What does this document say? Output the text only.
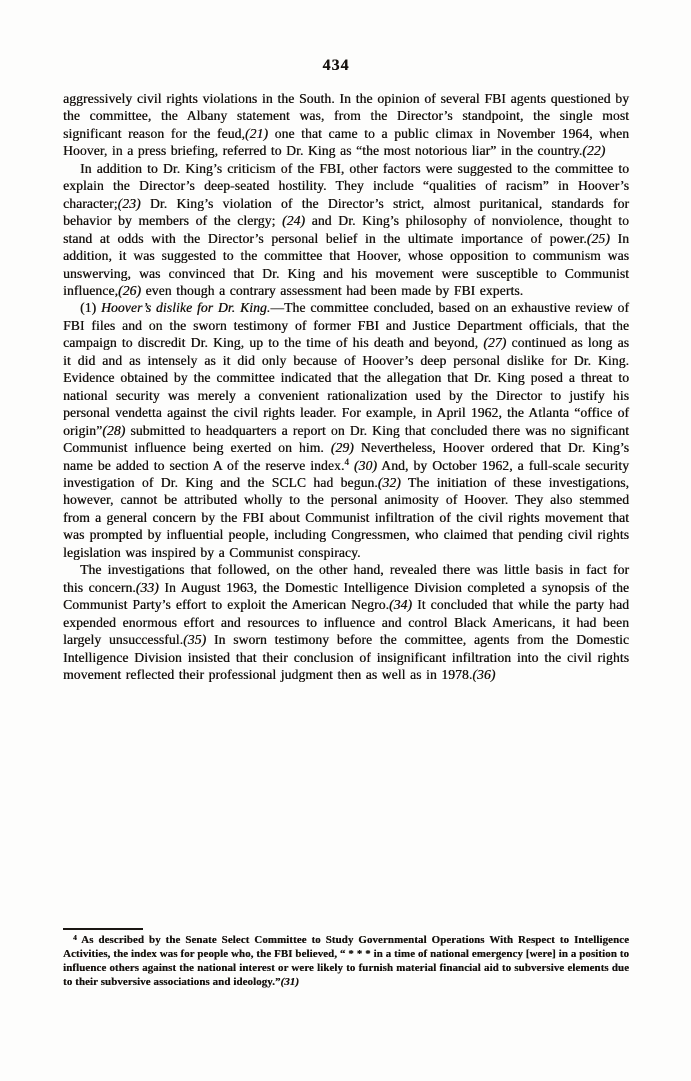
434

aggressively civil rights violations in the South. In the opinion of several FBI agents questioned by the committee, the Albany statement was, from the Director’s standpoint, the single most significant reason for the feud,(21) one that came to a public climax in November 1964, when Hoover, in a press briefing, referred to Dr. King as “the most notorious liar” in the country.(22)

In addition to Dr. King’s criticism of the FBI, other factors were suggested to the committee to explain the Director’s deep-seated hostility. They include “qualities of racism” in Hoover’s character;(23) Dr. King’s violation of the Director’s strict, almost puritanical, standards for behavior by members of the clergy; (24) and Dr. King’s philosophy of nonviolence, thought to stand at odds with the Director’s personal belief in the ultimate importance of power.(25) In addition, it was suggested to the committee that Hoover, whose opposition to communism was unswerving, was convinced that Dr. King and his movement were susceptible to Communist influence,(26) even though a contrary assessment had been made by FBI experts.

(1) Hoover’s dislike for Dr. King.—The committee concluded, based on an exhaustive review of FBI files and on the sworn testimony of former FBI and Justice Department officials, that the campaign to discredit Dr. King, up to the time of his death and beyond, (27) continued as long as it did and as intensely as it did only because of Hoover’s deep personal dislike for Dr. King. Evidence obtained by the committee indicated that the allegation that Dr. King posed a threat to national security was merely a convenient rationalization used by the Director to justify his personal vendetta against the civil rights leader. For example, in April 1962, the Atlanta “office of origin”(28) submitted to headquarters a report on Dr. King that concluded there was no significant Communist influence being exerted on him. (29) Nevertheless, Hoover ordered that Dr. King’s name be added to section A of the reserve index.$^4$ (30) And, by October 1962, a full-scale security investigation of Dr. King and the SCLC had begun.(32) The initiation of these investigations, however, cannot be attributed wholly to the personal animosity of Hoover. They also stemmed from a general concern by the FBI about Communist infiltration of the civil rights movement that was prompted by influential people, including Congressmen, who claimed that pending civil rights legislation was inspired by a Communist conspiracy.

The investigations that followed, on the other hand, revealed there was little basis in fact for this concern.(33) In August 1963, the Domestic Intelligence Division completed a synopsis of the Communist Party’s effort to exploit the American Negro.(34) It concluded that while the party had expended enormous effort and resources to influence and control Black Americans, it had been largely unsuccessful.(35) In sworn testimony before the committee, agents from the Domestic Intelligence Division insisted that their conclusion of insignificant infiltration into the civil rights movement reflected their professional judgment then as well as in 1978.(36)

$^4$ As described by the Senate Select Committee to Study Governmental Operations With Respect to Intelligence Activities, the index was for people who, the FBI believed, “ * * * in a time of national emergency [were] in a position to influence others against the national interest or were likely to furnish material financial aid to subversive elements due to their subversive associations and ideology.”(31)
